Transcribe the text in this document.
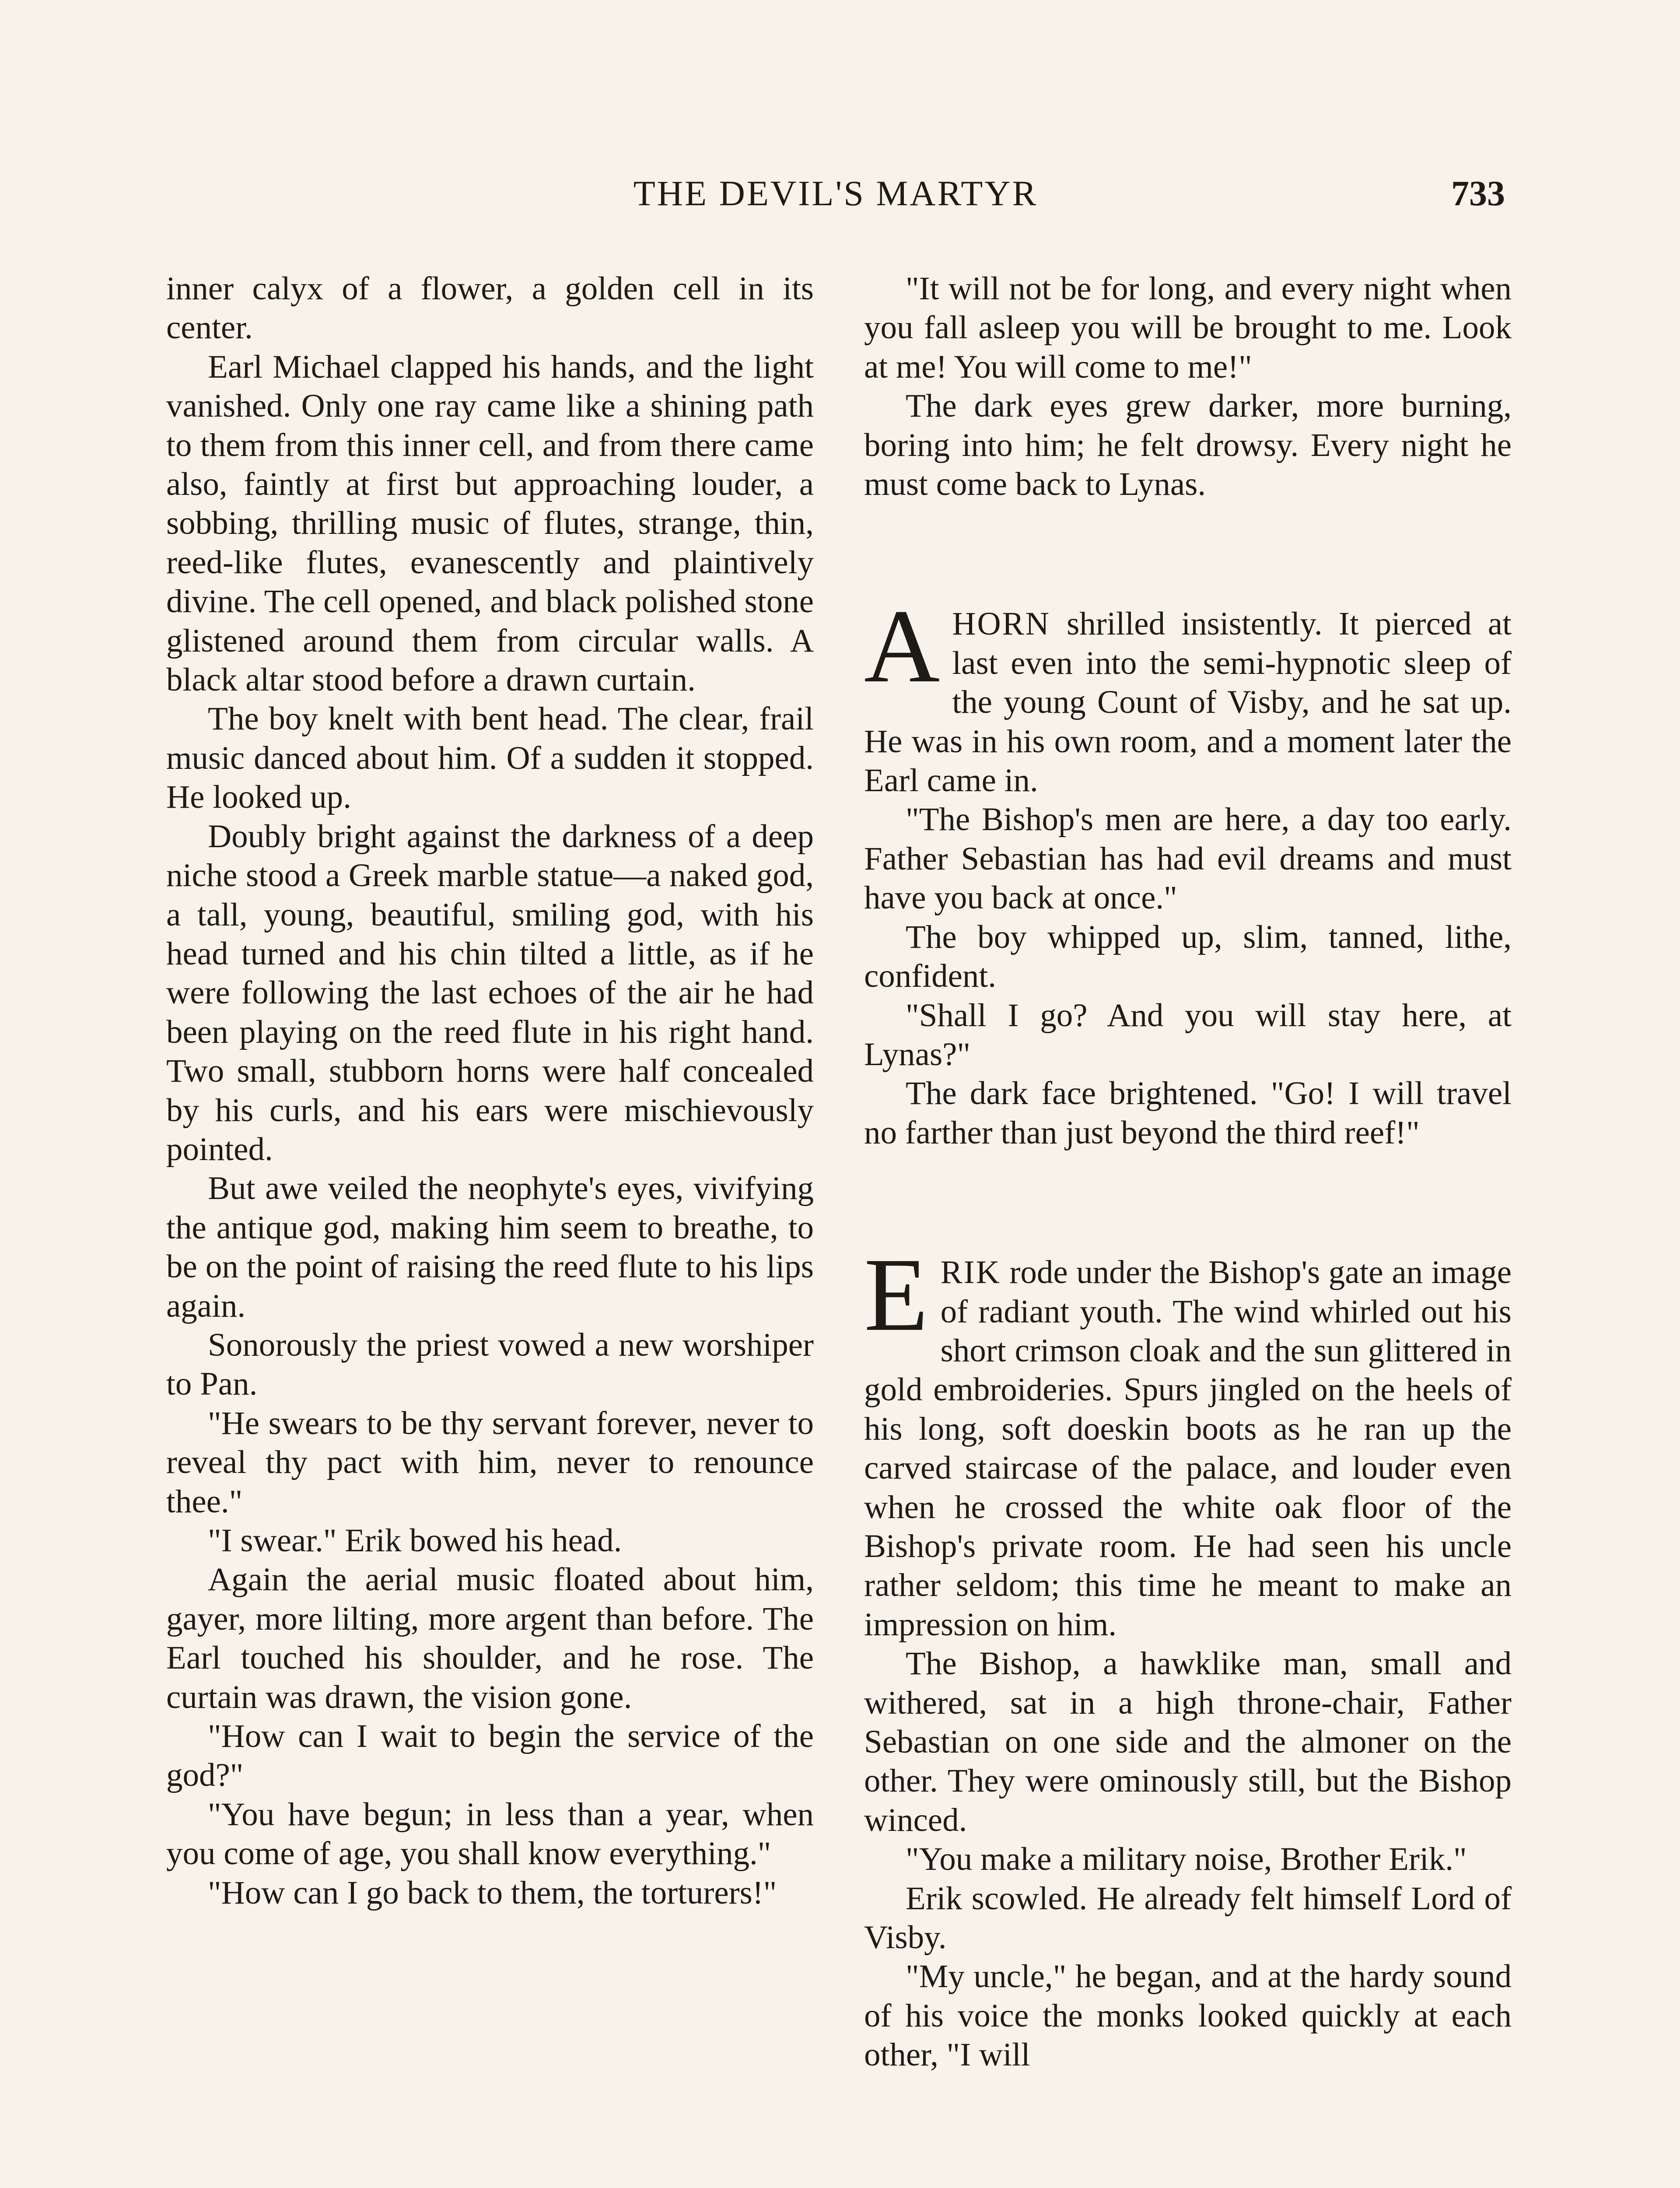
THE DEVIL'S MARTYR	733

inner calyx of a flower, a golden cell in its center.

Earl Michael clapped his hands, and the light vanished. Only one ray came like a shining path to them from this inner cell, and from there came also, faintly at first but approaching louder, a sobbing, thrilling music of flutes, strange, thin, reed-like flutes, evanescently and plaintively divine. The cell opened, and black polished stone glistened around them from circular walls. A black altar stood before a drawn curtain.

The boy knelt with bent head. The clear, frail music danced about him. Of a sudden it stopped. He looked up.

Doubly bright against the darkness of a deep niche stood a Greek marble statue—a naked god, a tall, young, beautiful, smiling god, with his head turned and his chin tilted a little, as if he were following the last echoes of the air he had been playing on the reed flute in his right hand. Two small, stubborn horns were half concealed by his curls, and his ears were mischievously pointed.

But awe veiled the neophyte's eyes, vivifying the antique god, making him seem to breathe, to be on the point of raising the reed flute to his lips again.

Sonorously the priest vowed a new worshiper to Pan.

"He swears to be thy servant forever, never to reveal thy pact with him, never to renounce thee."

"I swear." Erik bowed his head.

Again the aerial music floated about him, gayer, more lilting, more argent than before. The Earl touched his shoulder, and he rose. The curtain was drawn, the vision gone.

"How can I wait to begin the service of the god?"

"You have begun; in less than a year, when you come of age, you shall know everything."

"How can I go back to them, the torturers!"

"It will not be for long, and every night when you fall asleep you will be brought to me. Look at me! You will come to me!"

The dark eyes grew darker, more burning, boring into him; he felt drowsy. Every night he must come back to Lynas.

AHORN shrilled insistently. It pierced at last even into the semi-hypnotic sleep of the young Count of Visby, and he sat up. He was in his own room, and a moment later the Earl came in.

"The Bishop's men are here, a day too early. Father Sebastian has had evil dreams and must have you back at once."

The boy whipped up, slim, tanned, lithe, confident.

"Shall I go? And you will stay here, at Lynas?"

The dark face brightened. "Go! I will travel no farther than just beyond the third reef!"

ERIK rode under the Bishop's gate an image of radiant youth. The wind whirled out his short crimson cloak and the sun glittered in gold embroideries. Spurs jingled on the heels of his long, soft doeskin boots as he ran up the carved staircase of the palace, and louder even when he crossed the white oak floor of the Bishop's private room. He had seen his uncle rather seldom; this time he meant to make an impression on him.

The Bishop, a hawklike man, small and withered, sat in a high throne-chair, Father Sebastian on one side and the almoner on the other. They were ominously still, but the Bishop winced.

"You make a military noise, Brother Erik."

Erik scowled. He already felt himself Lord of Visby.

"My uncle," he began, and at the hardy sound of his voice the monks looked quickly at each other, "I will
